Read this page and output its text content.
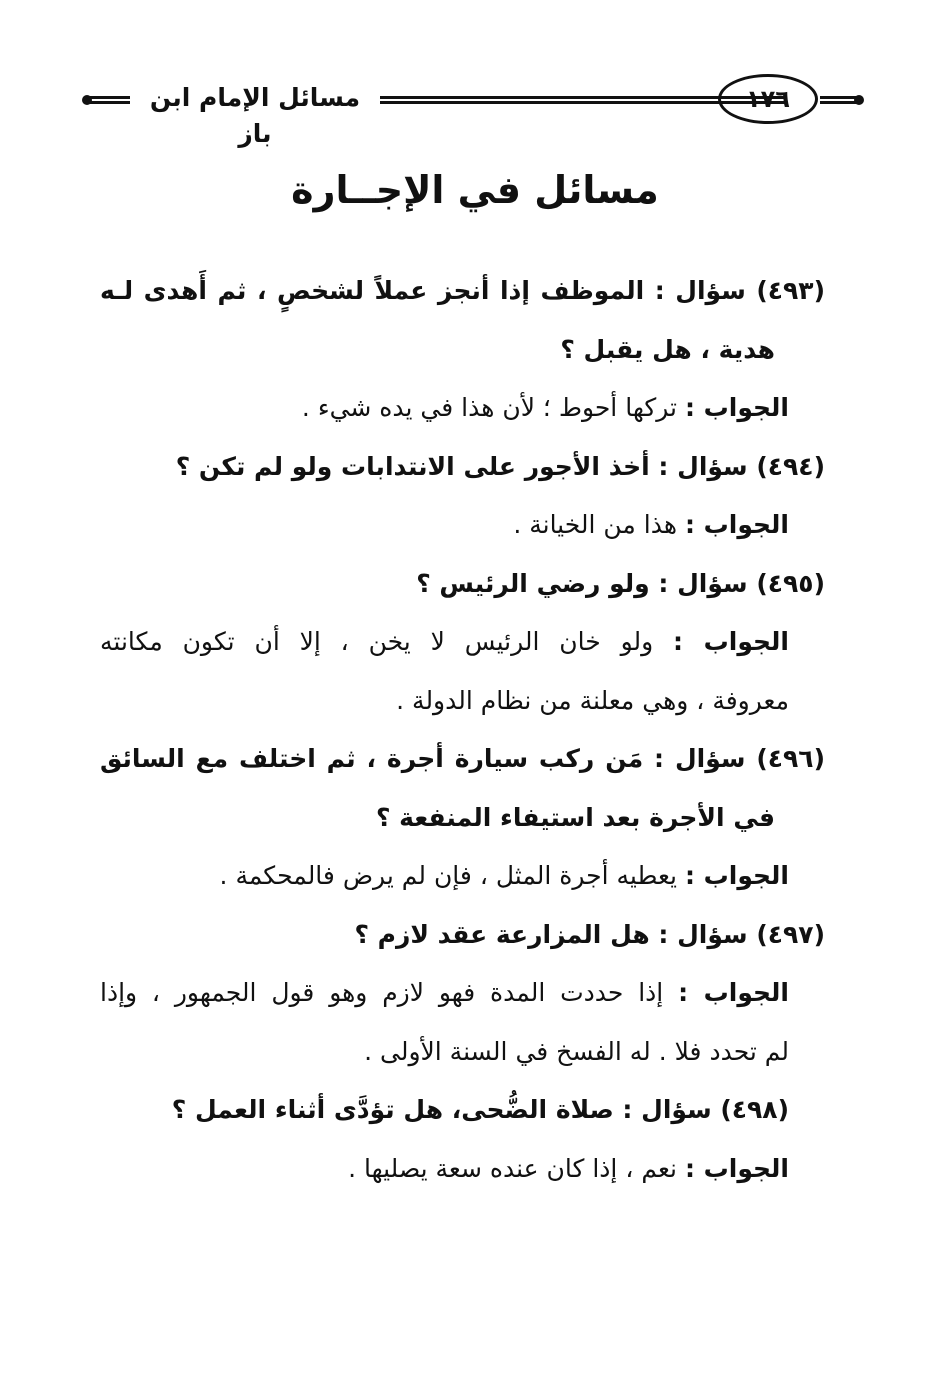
١٧٦
مسائل الإمام ابن باز
مسائل في الإجــارة
(٤٩٣) سؤال : الموظف إذا أنجز عملاً لشخصٍ ، ثم أَهدى لـه
هدية ، هل يقبل ؟
الجواب : تركها أحوط ؛ لأن هذا في يده شيء .
(٤٩٤) سؤال : أخذ الأجور على الانتدابات ولو لم تكن ؟
الجواب : هذا من الخيانة .
(٤٩٥) سؤال : ولو رضي الرئيس ؟
الجواب : ولو خان الرئيس لا يخن ، إلا أن تكون مكانته
معروفة ، وهي معلنة من نظام الدولة .
(٤٩٦) سؤال : مَن ركب سيارة أجرة ، ثم اختلف مع السائق
في الأجرة بعد استيفاء المنفعة ؟
الجواب : يعطيه أجرة المثل ، فإن لم يرض فالمحكمة .
(٤٩٧) سؤال : هل المزارعة عقد لازم ؟
الجواب : إذا حددت المدة فهو لازم وهو قول الجمهور ، وإذا
لم تحدد فلا . له الفسخ في السنة الأولى .
(٤٩٨) سؤال : صلاة الضُّحى، هل تؤدَّى أثناء العمل ؟
الجواب : نعم ، إذا كان عنده سعة يصليها .
